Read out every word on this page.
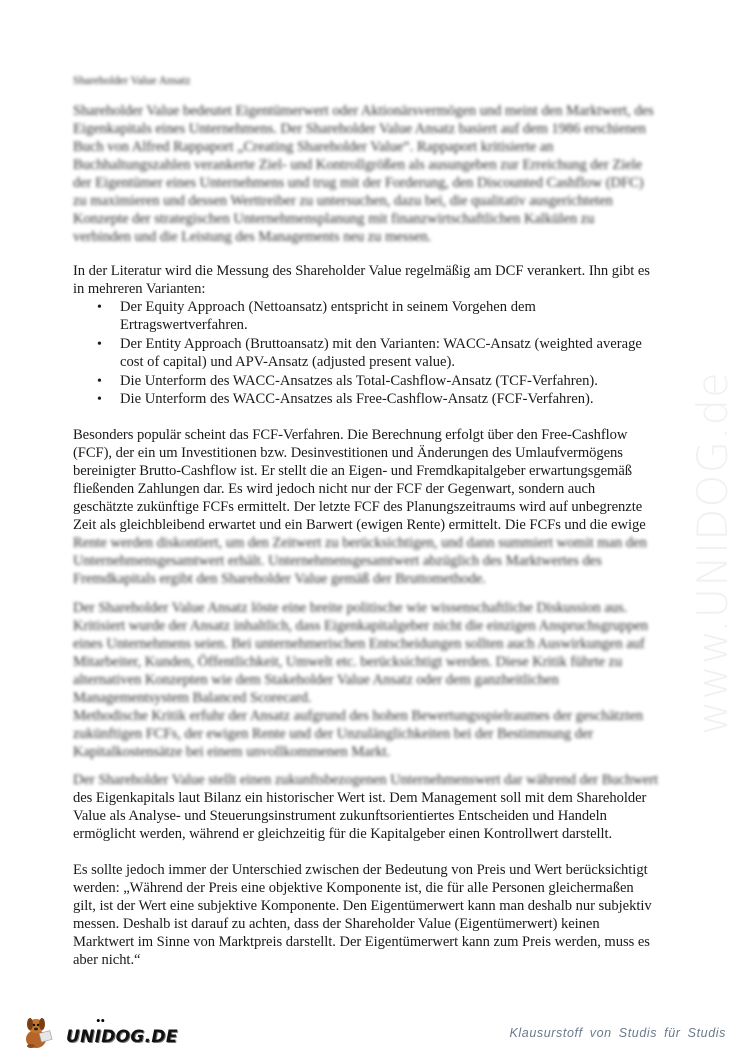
www.UNIDOG.de
Shareholder Value Ansatz
Shareholder Value bedeutet Eigentümerwert oder Aktionärsvermögen und meint den Marktwert, des
Eigenkapitals eines Unternehmens. Der Shareholder Value Ansatz basiert auf dem 1986 erschienen
Buch von Alfred Rappaport „Creating Shareholder Value“. Rappaport kritisierte an
Buchhaltungszahlen verankerte Ziel- und Kontrollgrößen als ausungeben zur Erreichung der Ziele
der Eigentümer eines Unternehmens und trug mit der Forderung, den Discounted Cashflow (DFC)
zu maximieren und dessen Werttreiber zu untersuchen, dazu bei, die qualitativ ausgerichteten
Konzepte der strategischen Unternehmensplanung mit finanzwirtschaftlichen Kalkülen zu
verbinden und die Leistung des Managements neu zu messen.
In der Literatur wird die Messung des Shareholder Value regelmäßig am DCF verankert. Ihn gibt es
in mehreren Varianten:
• Der Equity Approach (Nettoansatz) entspricht in seinem Vorgehen dem
Ertragswertverfahren.
• Der Entity Approach (Bruttoansatz) mit den Varianten: WACC-Ansatz (weighted average
cost of capital) und APV-Ansatz (adjusted present value).
• Die Unterform des WACC-Ansatzes als Total-Cashflow-Ansatz (TCF-Verfahren).
• Die Unterform des WACC-Ansatzes als Free-Cashflow-Ansatz (FCF-Verfahren).
Besonders populär scheint das FCF-Verfahren. Die Berechnung erfolgt über den Free-Cashflow
(FCF), der ein um Investitionen bzw. Desinvestitionen und Änderungen des Umlaufvermögens
bereinigter Brutto-Cashflow ist. Er stellt die an Eigen- und Fremdkapitalgeber erwartungsgemäß
fließenden Zahlungen dar. Es wird jedoch nicht nur der FCF der Gegenwart, sondern auch
geschätzte zukünftige FCFs ermittelt. Der letzte FCF des Planungszeitraums wird auf unbegrenzte
Zeit als gleichbleibend erwartet und ein Barwert (ewigen Rente) ermittelt. Die FCFs und die ewige
Rente werden diskontiert, um den Zeitwert zu berücksichtigen, und dann summiert womit man den
Unternehmensgesamtwert erhält. Unternehmensgesamtwert abzüglich des Marktwertes des
Fremdkapitals ergibt den Shareholder Value gemäß der Bruttomethode.
Der Shareholder Value Ansatz löste eine breite politische wie wissenschaftliche Diskussion aus.
Kritisiert wurde der Ansatz inhaltlich, dass Eigenkapitalgeber nicht die einzigen Anspruchsgruppen
eines Unternehmens seien. Bei unternehmerischen Entscheidungen sollten auch Auswirkungen auf
Mitarbeiter, Kunden, Öffentlichkeit, Umwelt etc. berücksichtigt werden. Diese Kritik führte zu
alternativen Konzepten wie dem Stakeholder Value Ansatz oder dem ganzheitlichen
Managementsystem Balanced Scorecard.
Methodische Kritik erfuhr der Ansatz aufgrund des hohen Bewertungsspielraumes der geschätzten
zukünftigen FCFs, der ewigen Rente und der Unzulänglichkeiten bei der Bestimmung der
Kapitalkostensätze bei einem unvollkommenen Markt.
Der Shareholder Value stellt einen zukunftsbezogenen Unternehmenswert dar während der Buchwert
des Eigenkapitals laut Bilanz ein historischer Wert ist. Dem Management soll mit dem Shareholder
Value als Analyse- und Steuerungsinstrument zukunftsorientiertes Entscheiden und Handeln
ermöglicht werden, während er gleichzeitig für die Kapitalgeber einen Kontrollwert darstellt.
Es sollte jedoch immer der Unterschied zwischen der Bedeutung von Preis und Wert berücksichtigt
werden: „Während der Preis eine objektive Komponente ist, die für alle Personen gleichermaßen
gilt, ist der Wert eine subjektive Komponente. Den Eigentümerwert kann man deshalb nur subjektiv
messen. Deshalb ist darauf zu achten, dass der Shareholder Value (Eigentümerwert) keinen
Marktwert im Sinne von Marktpreis darstellt. Der Eigentümerwert kann zum Preis werden, muss es
aber nicht.“
••
UNIDOG.DE	Klausurstoff von Studis für Studis
